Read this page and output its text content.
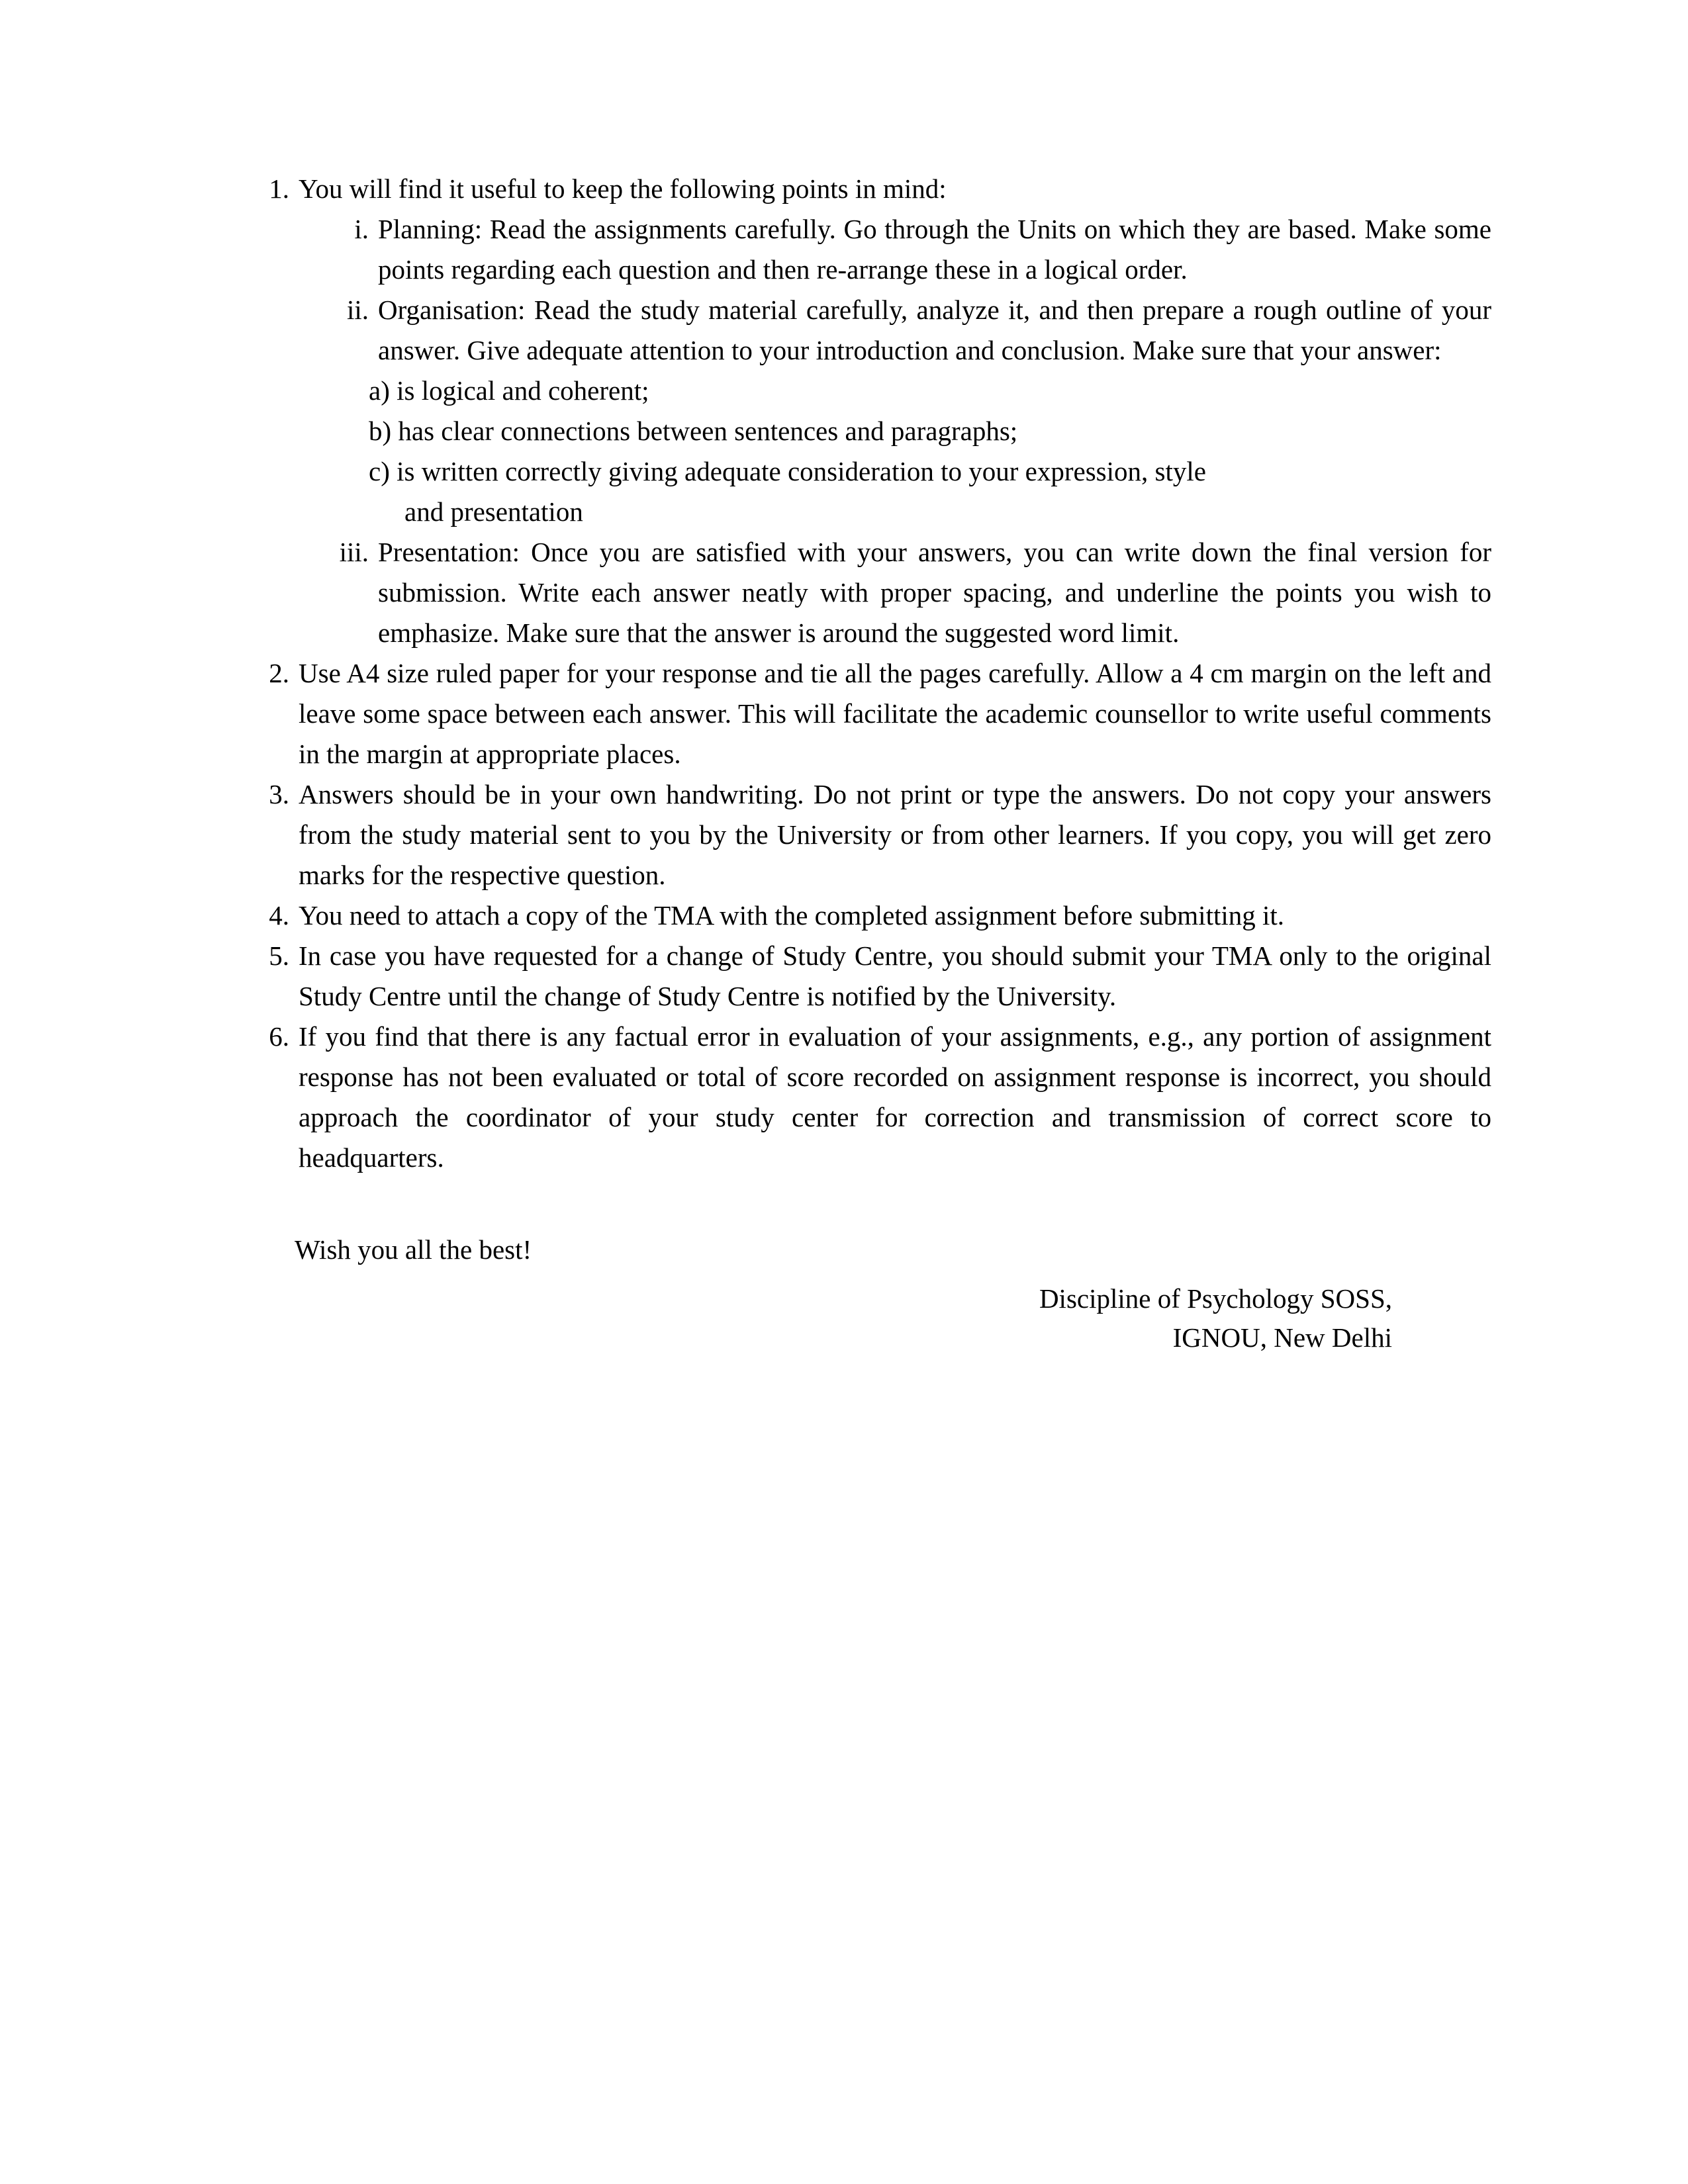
1. You will find it useful to keep the following points in mind:
i. Planning: Read the assignments carefully. Go through the Units on which they are based. Make some points regarding each question and then re-arrange these in a logical order.
ii. Organisation: Read the study material carefully, analyze it, and then prepare a rough outline of your answer. Give adequate attention to your introduction and conclusion. Make sure that your answer:
a) is logical and coherent;
b) has clear connections between sentences and paragraphs;
c) is written correctly giving adequate consideration to your expression, style
and presentation
iii. Presentation: Once you are satisfied with your answers, you can write down the final version for submission. Write each answer neatly with proper spacing, and underline the points you wish to emphasize. Make sure that the answer is around the suggested word limit.
2. Use A4 size ruled paper for your response and tie all the pages carefully. Allow a 4 cm margin on the left and leave some space between each answer. This will facilitate the academic counsellor to write useful comments in the margin at appropriate places.
3. Answers should be in your own handwriting. Do not print or type the answers. Do not copy your answers from the study material sent to you by the University or from other learners. If you copy, you will get zero marks for the respective question.
4. You need to attach a copy of the TMA with the completed assignment before submitting it.
5. In case you have requested for a change of Study Centre, you should submit your TMA only to the original Study Centre until the change of Study Centre is notified by the University.
6. If you find that there is any factual error in evaluation of your assignments, e.g., any portion of assignment response has not been evaluated or total of score recorded on assignment response is incorrect, you should approach the coordinator of your study center for correction and transmission of correct score to headquarters.
Wish you all the best!
Discipline of Psychology SOSS,
IGNOU, New Delhi
